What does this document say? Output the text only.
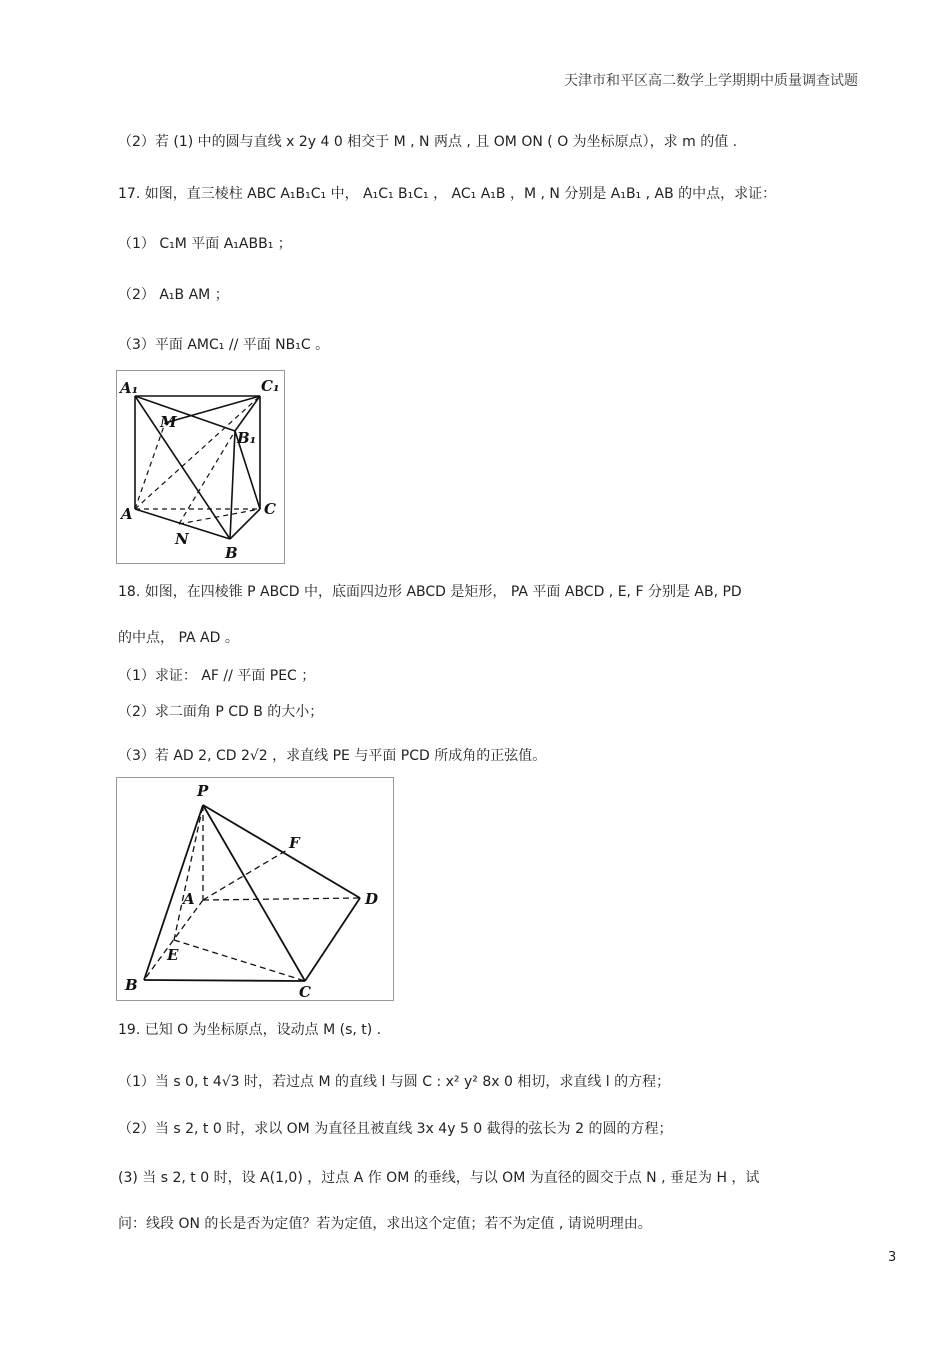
天津市和平区高二数学上学期期中质量调查试题
（2）若 (1) 中的圆与直线 x 2y 4 0 相交于 M , N 两点 , 且 OM ON ( O 为坐标原点），求 m 的值 .
17. 如图，直三棱柱 ABC A₁B₁C₁ 中， A₁C₁ B₁C₁ ， AC₁ A₁B ，M , N 分别是 A₁B₁ , AB 的中点，求证：
（1） C₁M 平面 A₁ABB₁ ；
（2） A₁B AM ；
（3）平面 AMC₁ // 平面 NB₁C 。
A₁	C₁
M
B₁
A	C
N
B
18. 如图，在四棱锥 P ABCD 中，底面四边形 ABCD 是矩形， PA 平面 ABCD , E, F 分别是 AB, PD
的中点， PA AD 。
（1）求证： AF // 平面 PEC ；
（2）求二面角 P CD B 的大小；
（3）若 AD 2, CD 2√2 ，求直线 PE 与平面 PCD 所成角的正弦值。
P
F
A	D
E
B	C
19. 已知 O 为坐标原点，设动点 M (s, t) .
（1）当 s 0, t 4√3 时，若过点 M 的直线 l 与圆 C : x² y² 8x 0 相切，求直线 l 的方程；
（2）当 s 2, t 0 时，求以 OM 为直径且被直线 3x 4y 5 0 截得的弦长为 2 的圆的方程；
(3) 当 s 2, t 0 时，设 A(1,0) ，过点 A 作 OM 的垂线，与以 OM 为直径的圆交于点 N , 垂足为 H ，试
问：线段 ON 的长是否为定值？若为定值，求出这个定值；若不为定值 , 请说明理由。
3
